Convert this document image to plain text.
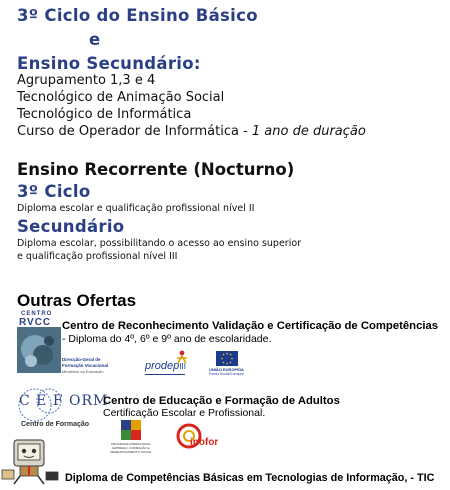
3º Ciclo do Ensino Básico
e
Ensino Secundário:
Agrupamento 1,3 e 4
Tecnológico de Animação Social
Tecnológico de Informática
Curso de Operador de Informática - 1 ano de duração
Ensino Recorrente (Nocturno)
3º Ciclo
Diploma escolar e qualificação profissional nível II
Secundário
Diploma escolar, possibilitando o acesso ao ensino superior
e qualificação profissional nível III
Outras Ofertas
CENTRO
RVCC Centro de Reconhecimento Validação e Certificação de Competências
- Diploma do 4º, 6º e 9º ano de escolaridade.
Direcção-Geral de Formação Vocacional
Ministério da Educação	prodepIII	UNIÃO EUROPEIA
Fundo Social Europeu
C E F ORM
Centro de Formação
Centro de Educação e Formação de Adultos
Certificação Escolar e Profissional.
PROGRAMA OPERACIONAL EMPREGO, FORMAÇÃO E DESENVOLVIMENTO SOCIAL
inofor
Diploma de Competências Básicas em Tecnologias de Informação, - TIC
